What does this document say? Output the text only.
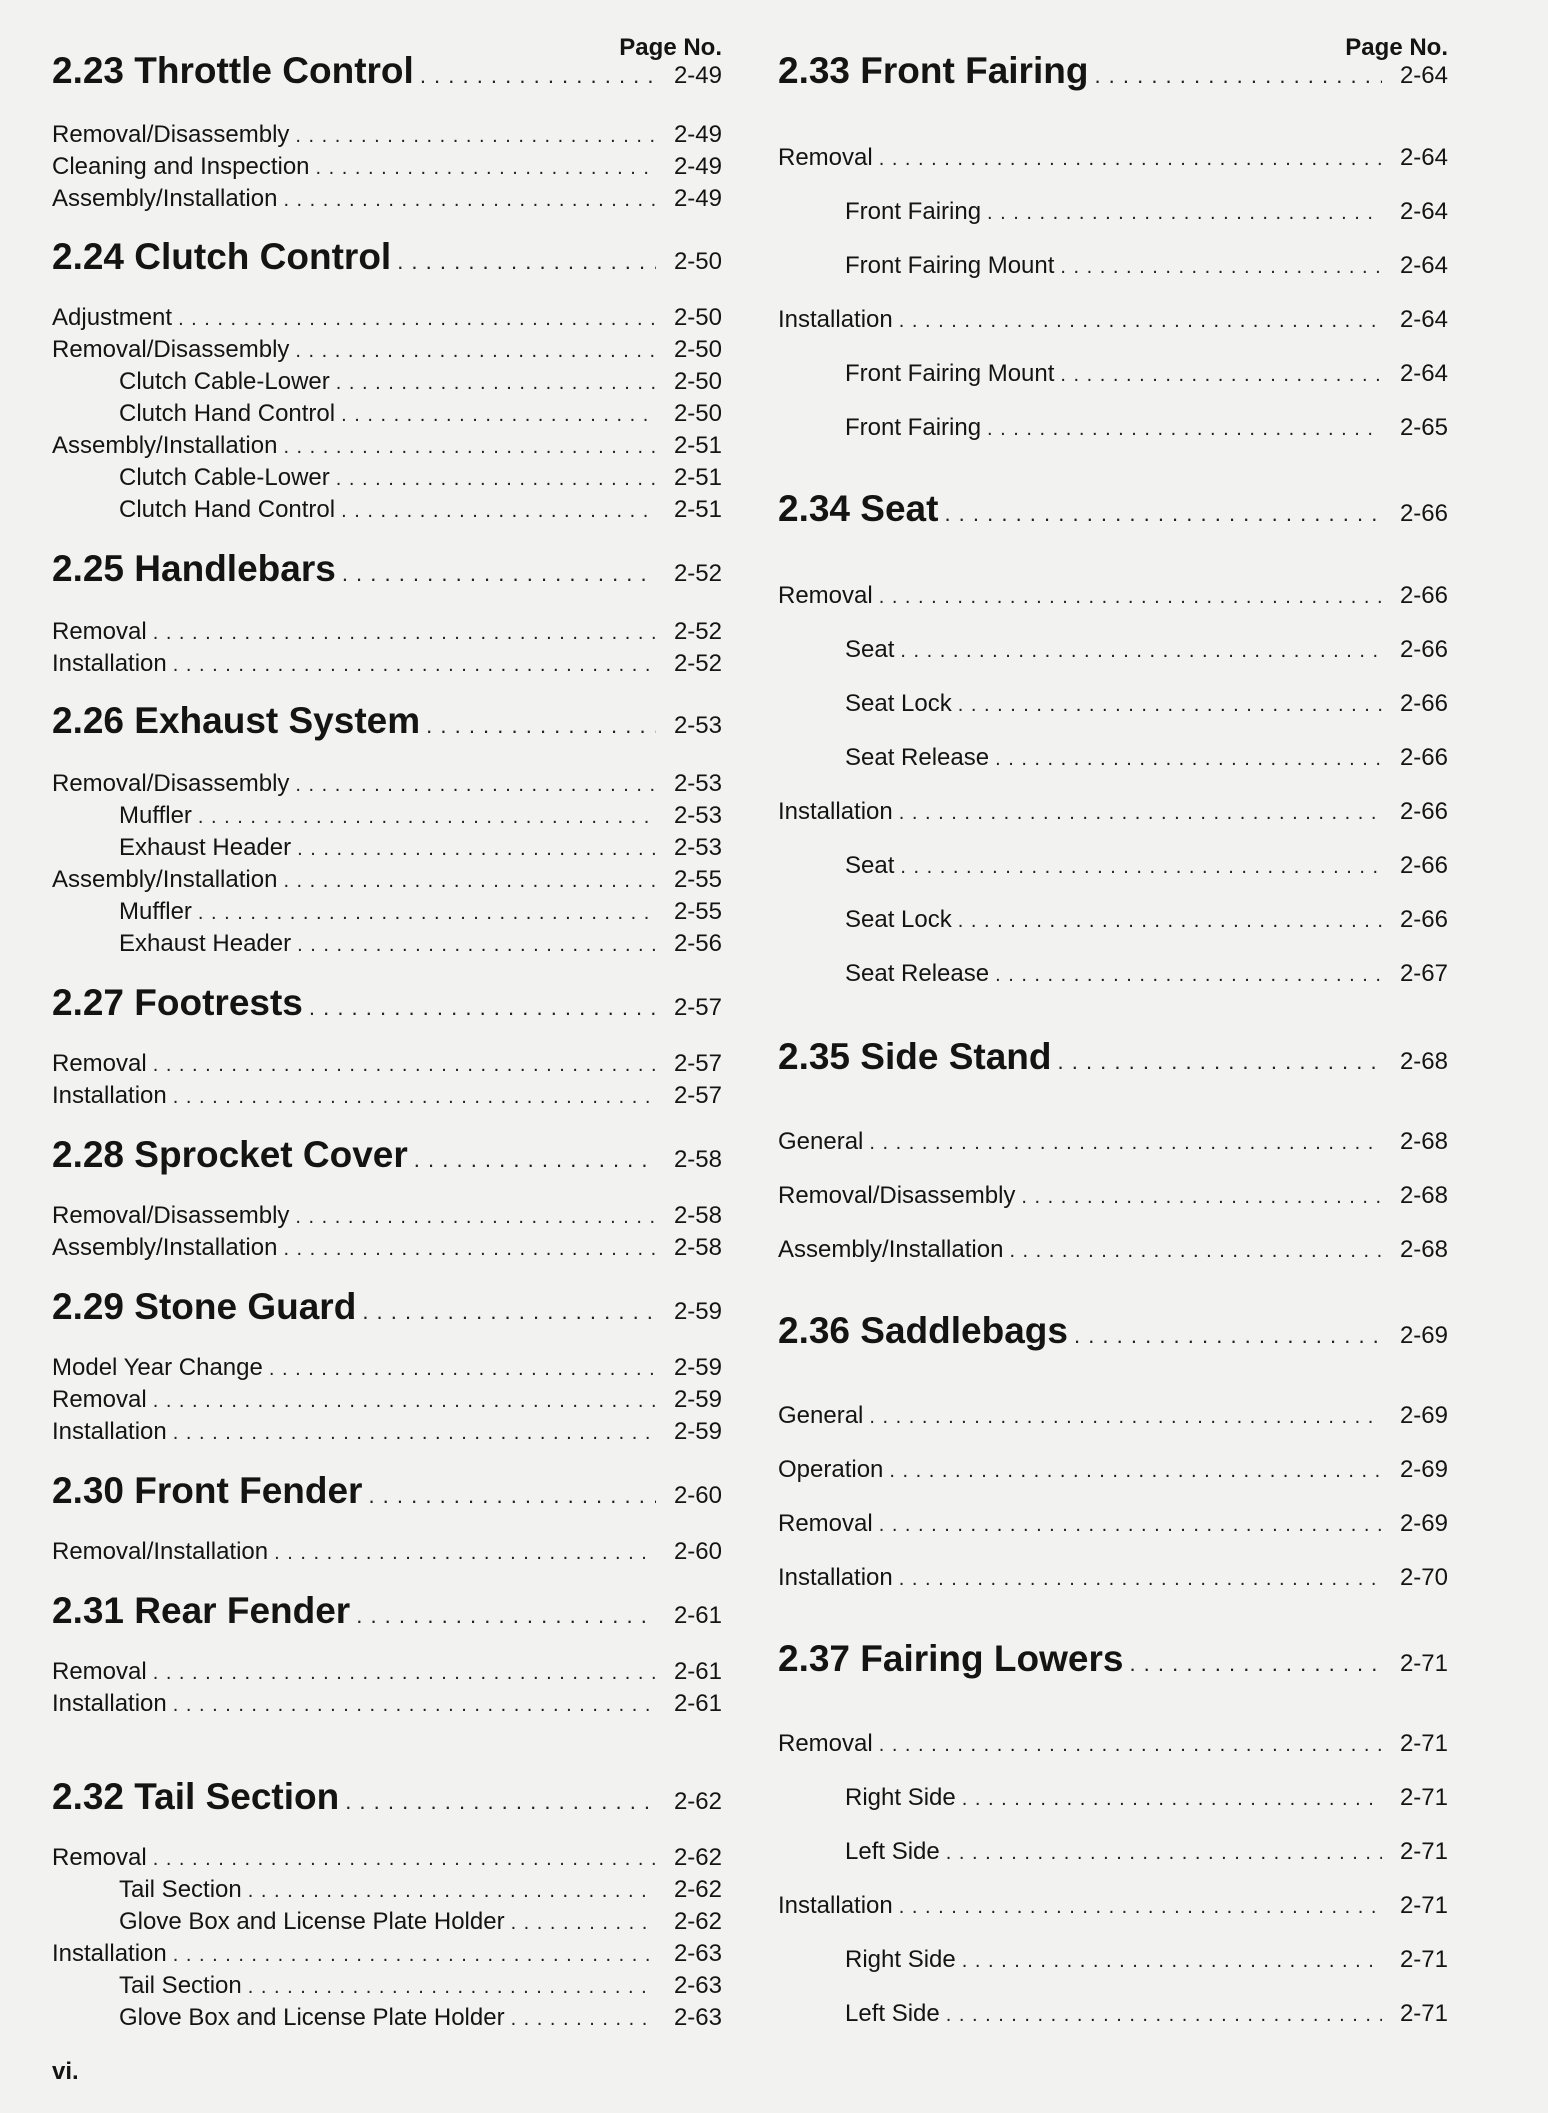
Page No.
2.23 Throttle Control . . .	2-49
Removal/Disassembly . . .	2-49
Cleaning and Inspection . . .	2-49
Assembly/Installation . . .	2-49
2.24 Clutch Control . . .	2-50
Adjustment . . .	2-50
Removal/Disassembly . . .	2-50
Clutch Cable-Lower . . .	2-50
Clutch Hand Control . . .	2-50
Assembly/Installation . . .	2-51
Clutch Cable-Lower . . .	2-51
Clutch Hand Control . . .	2-51
2.25 Handlebars . . .	2-52
Removal . . .	2-52
Installation . . .	2-52
2.26 Exhaust System . . .	2-53
Removal/Disassembly . . .	2-53
Muffler . . .	2-53
Exhaust Header . . .	2-53
Assembly/Installation . . .	2-55
Muffler . . .	2-55
Exhaust Header . . .	2-56
2.27 Footrests . . .	2-57
Removal . . .	2-57
Installation . . .	2-57
2.28 Sprocket Cover . . .	2-58
Removal/Disassembly . . .	2-58
Assembly/Installation . . .	2-58
2.29 Stone Guard . . .	2-59
Model Year Change . . .	2-59
Removal . . .	2-59
Installation . . .	2-59
2.30 Front Fender . . .	2-60
Removal/Installation . . .	2-60
2.31 Rear Fender . . .	2-61
Removal . . .	2-61
Installation . . .	2-61
2.32 Tail Section . . .	2-62
Removal . . .	2-62
Tail Section . . .	2-62
Glove Box and License Plate Holder . . .	2-62
Installation . . .	2-63
Tail Section . . .	2-63
Glove Box and License Plate Holder . . .	2-63
Page No.
2.33 Front Fairing . . .	2-64
Removal . . .	2-64
Front Fairing . . .	2-64
Front Fairing Mount . . .	2-64
Installation . . .	2-64
Front Fairing Mount . . .	2-64
Front Fairing . . .	2-65
2.34 Seat . . .	2-66
Removal . . .	2-66
Seat . . .	2-66
Seat Lock . . .	2-66
Seat Release . . .	2-66
Installation . . .	2-66
Seat . . .	2-66
Seat Lock . . .	2-66
Seat Release . . .	2-67
2.35 Side Stand . . .	2-68
General . . .	2-68
Removal/Disassembly . . .	2-68
Assembly/Installation . . .	2-68
2.36 Saddlebags . . .	2-69
General . . .	2-69
Operation . . .	2-69
Removal . . .	2-69
Installation . . .	2-70
2.37 Fairing Lowers . . .	2-71
Removal . . .	2-71
Right Side . . .	2-71
Left Side . . .	2-71
Installation . . .	2-71
Right Side . . .	2-71
Left Side . . .	2-71
vi.
